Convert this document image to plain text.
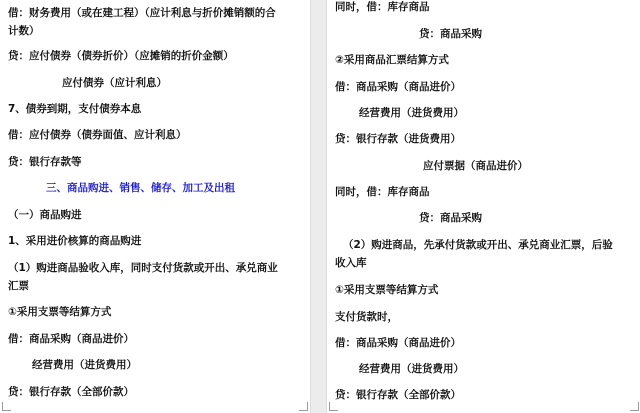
借：财务费用（或在建工程）（应计利息与折价摊销额的合
计数）
贷：应付债券（债券折价）（应摊销的折价金额）
应付债券（应计利息）
7、债券到期，支付债券本息
借：应付债券（债券面值、应计利息）
贷：银行存款等
三、商品购进、销售、储存、加工及出租
（一）商品购进
1、采用进价核算的商品购进
（1）购进商品验收入库，同时支付货款或开出、承兑商业
汇票
①采用支票等结算方式
借：商品采购（商品进价）
经营费用（进货费用）
贷：银行存款（全部价款）
同时，借：库存商品
贷：商品采购
②采用商品汇票结算方式
借：商品采购（商品进价）
经营费用（进货费用）
贷：银行存款（进货费用）
应付票据（商品进价）
同时，借：库存商品
贷：商品采购
（2）购进商品，先承付货款或开出、承兑商业汇票，后验
收入库
①采用支票等结算方式
支付货款时，
借：商品采购（商品进价）
经营费用（进货费用）
贷：银行存款（全部价款）
